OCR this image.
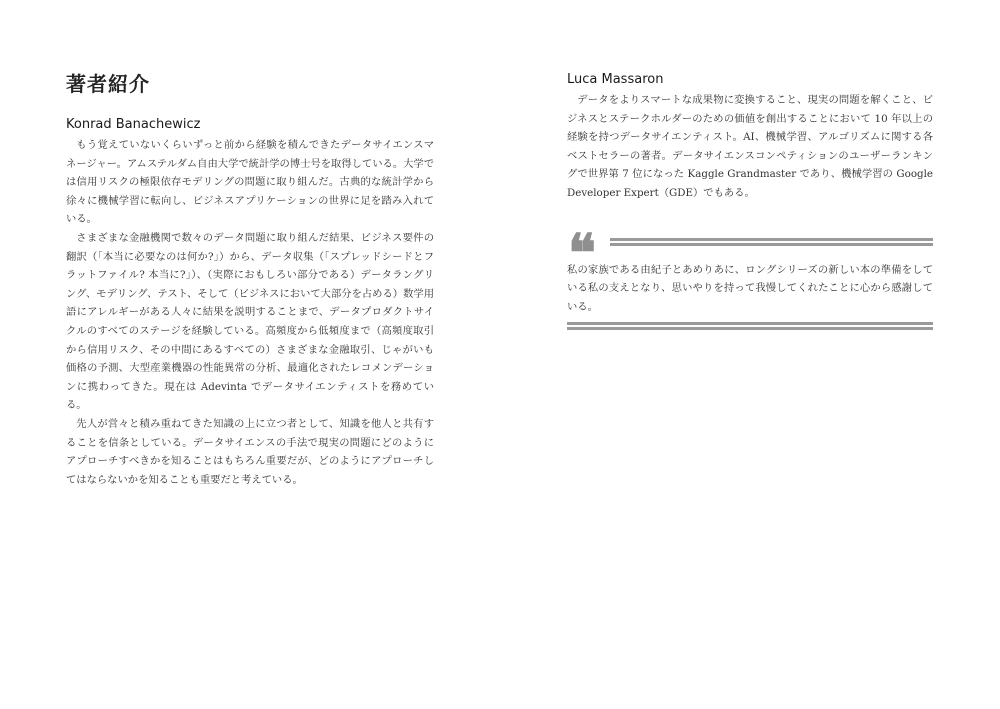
著者紹介
Konrad Banachewicz

もう覚えていないくらいずっと前から経験を積んできたデータサイエンスマネージャー。アムステルダム自由大学で統計学の博士号を取得している。大学では信用リスクの極限依存モデリングの問題に取り組んだ。古典的な統計学から徐々に機械学習に転向し、ビジネスアプリケーションの世界に足を踏み入れている。

さまざまな金融機関で数々のデータ問題に取り組んだ結果、ビジネス要件の翻訳（「本当に必要なのは何か?」）から、データ収集（「スプレッドシードとフラットファイル? 本当に?」）、（実際におもしろい部分である）データラングリング、モデリング、テスト、そして（ビジネスにおいて大部分を占める）数学用語にアレルギーがある人々に結果を説明することまで、データプロダクトサイクルのすべてのステージを経験している。高頻度から低頻度まで（高頻度取引から信用リスク、その中間にあるすべての）さまざまな金融取引、じゃがいも価格の予測、大型産業機器の性能異常の分析、最適化されたレコメンデーションに携わってきた。現在は Adevinta でデータサイエンティストを務めている。

先人が営々と積み重ねてきた知識の上に立つ者として、知識を他人と共有することを信条としている。データサイエンスの手法で現実の問題にどのようにアプローチすべきかを知ることはもちろん重要だが、どのようにアプローチしてはならないかを知ることも重要だと考えている。

Luca Massaron

データをよりスマートな成果物に変換すること、現実の問題を解くこと、ビジネスとステークホルダーのための価値を創出することにおいて 10 年以上の経験を持つデータサイエンティスト。AI、機械学習、アルゴリズムに関する各ベストセラーの著者。データサイエンスコンペティションのユーザーランキングで世界第 7 位になった Kaggle Grandmaster であり、機械学習の Google Developer Expert（GDE）でもある。

❝

私の家族である由紀子とあめりあに、ロングシリーズの新しい本の準備をしている私の支えとなり、思いやりを持って我慢してくれたことに心から感謝している。
